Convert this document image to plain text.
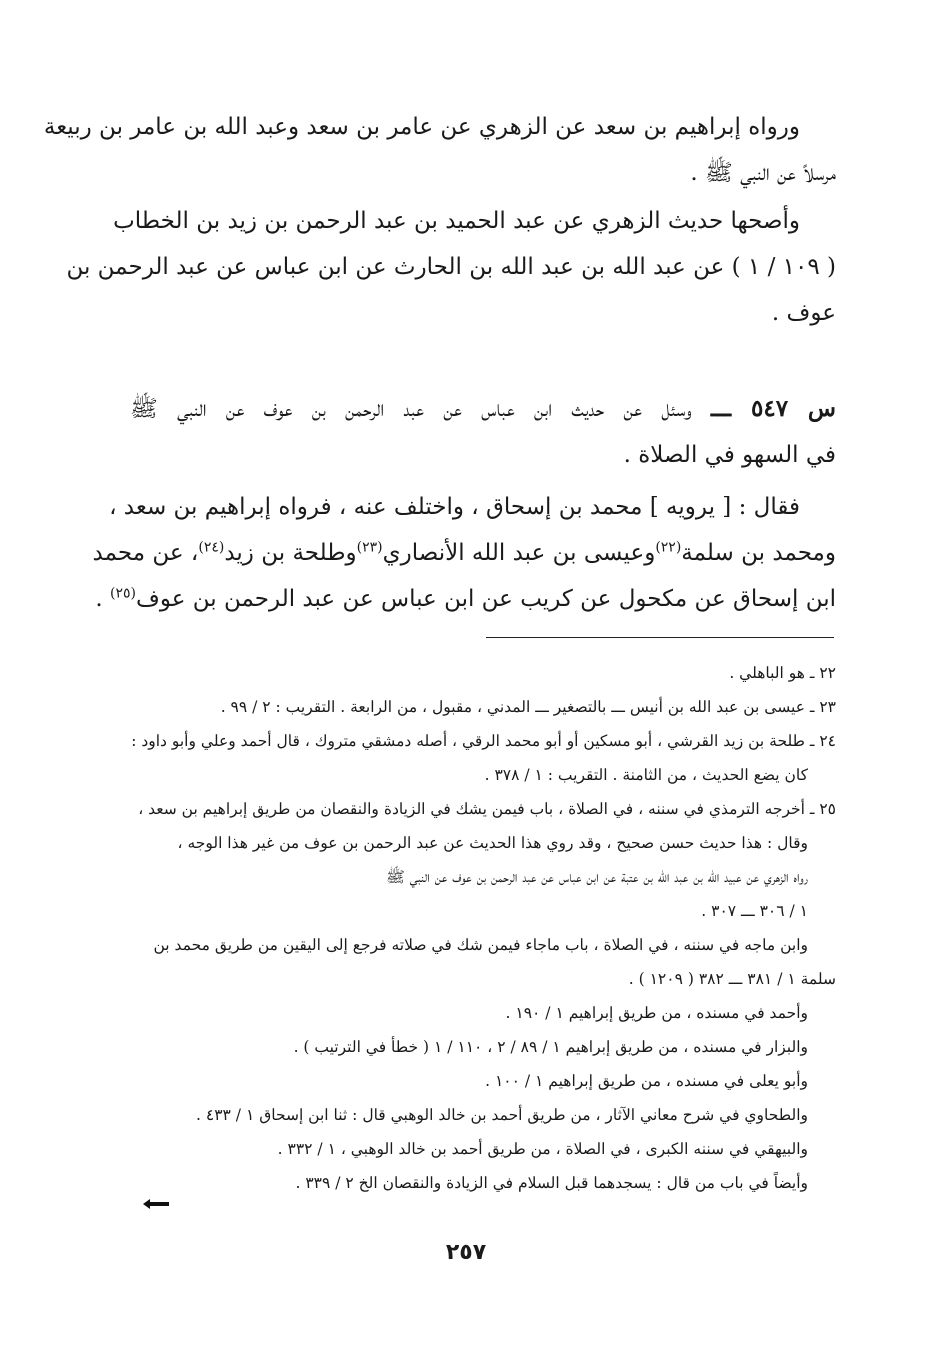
ورواه إبراهيم بن سعد عن الزهري عن عامر بن سعد وعبد الله بن عامر بن ربيعة
مرسلاً عن النبي ﷺ .
وأصحها حديث الزهري عن عبد الحميد بن عبد الرحمن بن زيد بن الخطاب
( ١٠٩ / ١ ) عن عبد الله بن عبد الله بن الحارث عن ابن عباس عن عبد الرحمن بن
عوف .
س ٥٤٧ ـــ وسئل عن حديث ابن عباس عن عبد الرحمن بن عوف عن النبي ﷺ
في السهو في الصلاة .
فقال : [ يرويه ] محمد بن إسحاق ، واختلف عنه ، فرواه إبراهيم بن سعد ،
ومحمد بن سلمة$^{(٢٢)}$وعيسى بن عبد الله الأنصاري$^{(٢٣)}$وطلحة بن زيد$^{(٢٤)}$، عن محمد
ابن إسحاق عن مكحول عن كريب عن ابن عباس عن عبد الرحمن بن عوف$^{(٢٥)}$ .
٢٢ ـ هو الباهلي .
٢٣ ـ عيسى بن عبد الله بن أنيس ـــ بالتصغير ـــ المدني ، مقبول ، من الرابعة . التقريب : ٢ / ٩٩ .
٢٤ ـ طلحة بن زيد القرشي ، أبو مسكين أو أبو محمد الرقي ، أصله دمشقي متروك ، قال أحمد وعلي وأبو داود :
كان يضع الحديث ، من الثامنة . التقريب : ١ / ٣٧٨ .
٢٥ ـ أخرجه الترمذي في سننه ، في الصلاة ، باب فيمن يشك في الزيادة والنقصان من طريق إبراهيم بن سعد ،
وقال : هذا حديث حسن صحيح ، وقد روي هذا الحديث عن عبد الرحمن بن عوف من غير هذا الوجه ،
رواه الزهري عن عبيد الله بن عبد الله بن عتبة عن ابن عباس عن عبد الرحمن بن عوف عن النبي ﷺ
١ / ٣٠٦ ـــ ٣٠٧ .
وابن ماجه في سننه ، في الصلاة ، باب ماجاء فيمن شك في صلاته فرجع إلى اليقين من طريق محمد بن
سلمة ١ / ٣٨١ ـــ ٣٨٢ ( ١٢٠٩ ) .
وأحمد في مسنده ، من طريق إبراهيم ١ / ١٩٠ .
والبزار في مسنده ، من طريق إبراهيم ١ / ٨٩ / ٢ ، ١١٠ / ١ ( خطأ في الترتيب ) .
وأبو يعلى في مسنده ، من طريق إبراهيم ١ / ١٠٠ .
والطحاوي في شرح معاني الآثار ، من طريق أحمد بن خالد الوهبي قال : ثنا ابن إسحاق ١ / ٤٣٣ .
والبيهقي في سننه الكبرى ، في الصلاة ، من طريق أحمد بن خالد الوهبي ، ١ / ٣٣٢ .
وأيضاً في باب من قال : يسجدهما قبل السلام في الزيادة والنقصان الخ ٢ / ٣٣٩ .
٢٥٧
